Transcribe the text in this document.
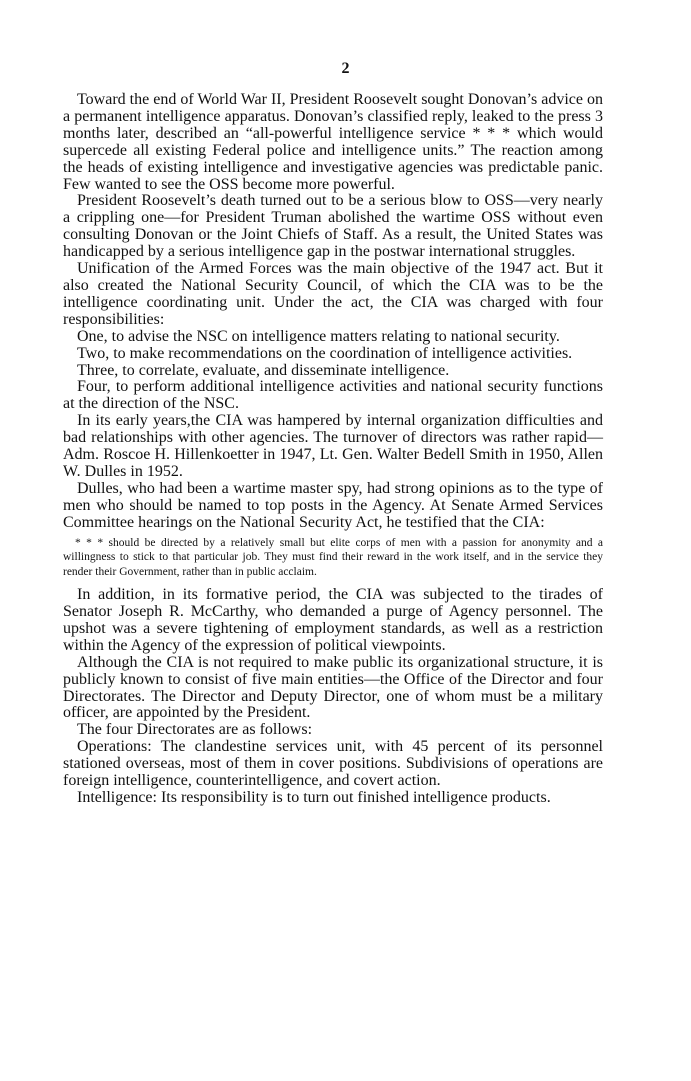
2

Toward the end of World War II, President Roosevelt sought Donovan’s advice on a permanent intelligence apparatus. Donovan’s classified reply, leaked to the press 3 months later, described an “all-powerful intelligence service * * * which would supercede all existing Federal police and intelligence units.” The reaction among the heads of existing intelligence and investigative agencies was predictable panic. Few wanted to see the OSS become more powerful.

President Roosevelt’s death turned out to be a serious blow to OSS—very nearly a crippling one—for President Truman abolished the wartime OSS without even consulting Donovan or the Joint Chiefs of Staff. As a result, the United States was handicapped by a serious intelligence gap in the postwar international struggles.

Unification of the Armed Forces was the main objective of the 1947 act. But it also created the National Security Council, of which the CIA was to be the intelligence coordinating unit. Under the act, the CIA was charged with four responsibilities:

One, to advise the NSC on intelligence matters relating to national security.

Two, to make recommendations on the coordination of intelligence activities.

Three, to correlate, evaluate, and disseminate intelligence.

Four, to perform additional intelligence activities and national security functions at the direction of the NSC.

In its early years,the CIA was hampered by internal organization difficulties and bad relationships with other agencies. The turnover of directors was rather rapid—Adm. Roscoe H. Hillenkoetter in 1947, Lt. Gen. Walter Bedell Smith in 1950, Allen W. Dulles in 1952.

Dulles, who had been a wartime master spy, had strong opinions as to the type of men who should be named to top posts in the Agency. At Senate Armed Services Committee hearings on the National Security Act, he testified that the CIA:

* * * should be directed by a relatively small but elite corps of men with a passion for anonymity and a willingness to stick to that particular job. They must find their reward in the work itself, and in the service they render their Government, rather than in public acclaim.

In addition, in its formative period, the CIA was subjected to the tirades of Senator Joseph R. McCarthy, who demanded a purge of Agency personnel. The upshot was a severe tightening of employment standards, as well as a restriction within the Agency of the expression of political viewpoints.

Although the CIA is not required to make public its organizational structure, it is publicly known to consist of five main entities—the Office of the Director and four Directorates. The Director and Deputy Director, one of whom must be a military officer, are appointed by the President.

The four Directorates are as follows:

Operations: The clandestine services unit, with 45 percent of its personnel stationed overseas, most of them in cover positions. Subdivisions of operations are foreign intelligence, counterintelligence, and covert action.

Intelligence: Its responsibility is to turn out finished intelligence products.
